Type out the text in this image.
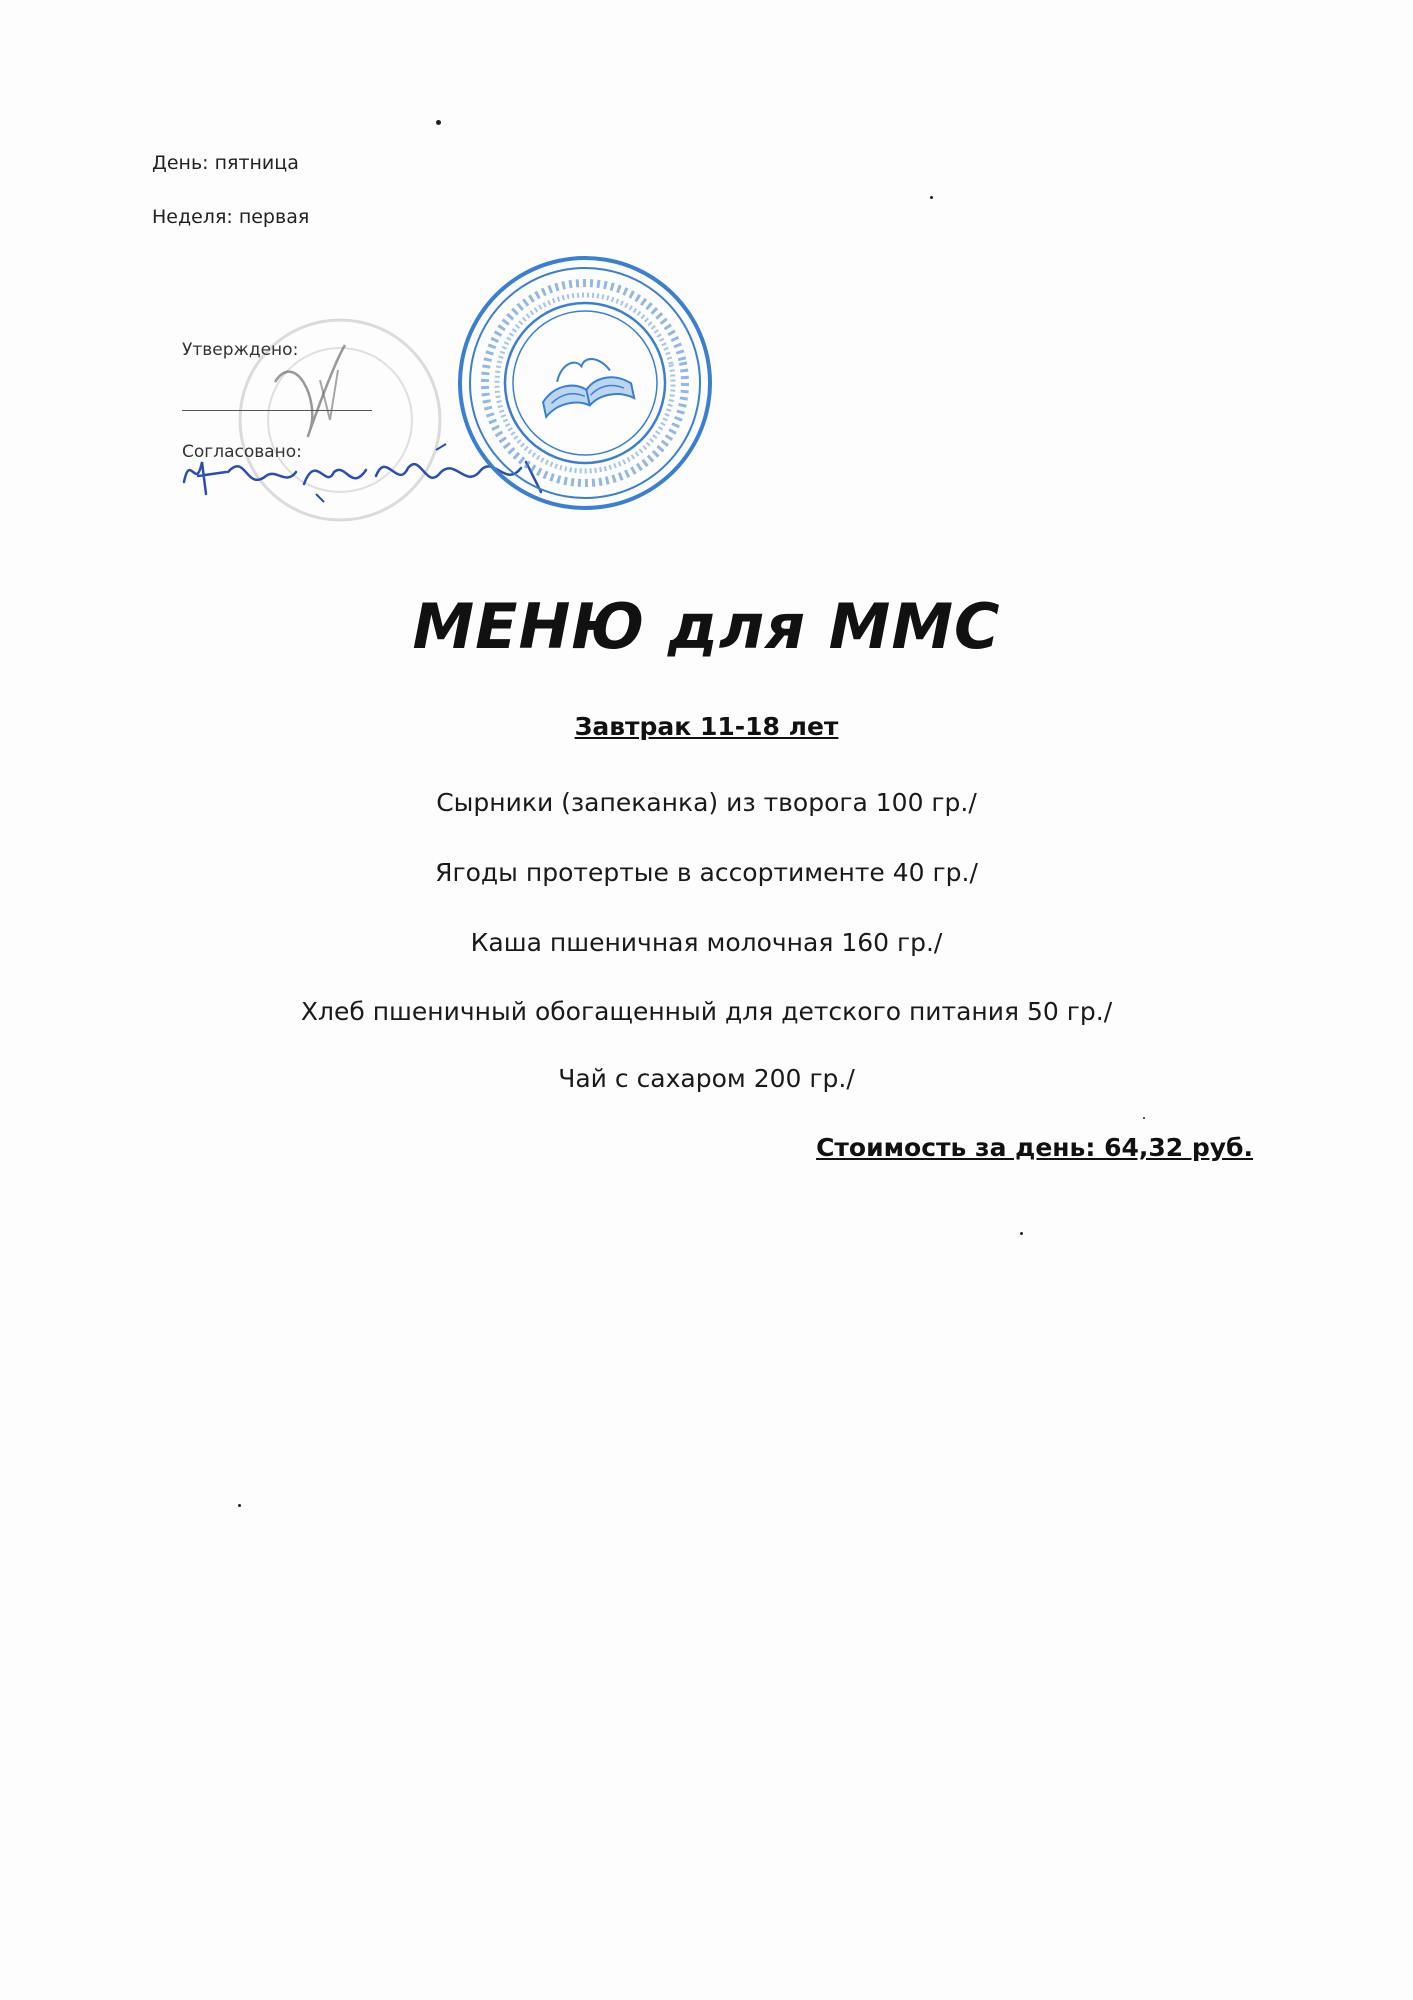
День: пятница
Неделя: первая
Утверждено:
Согласовано:
МЕНЮ для ММС
Завтрак 11-18 лет
Сырники (запеканка) из творога 100 гр./
Ягоды протертые в ассортименте 40 гр./
Каша пшеничная молочная 160 гр./
Хлеб пшеничный обогащенный для детского питания 50 гр./
Чай с сахаром 200 гр./
Стоимость за день: 64,32 руб.
